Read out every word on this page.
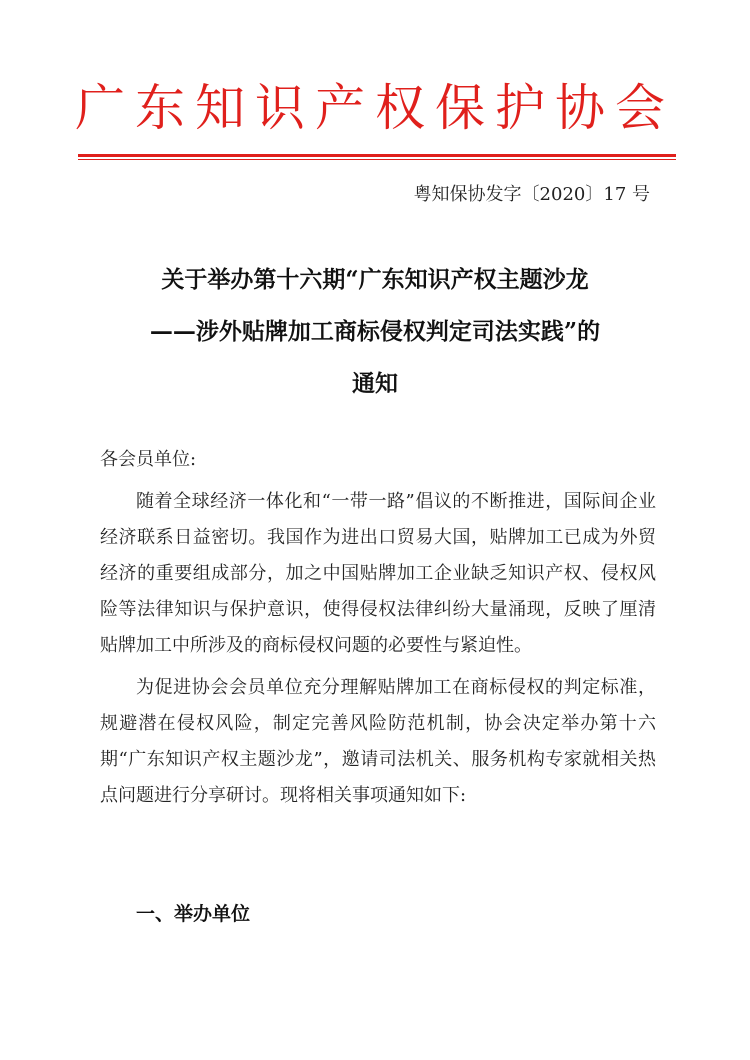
广东知识产权保护协会
粤知保协发字〔2020〕17 号
关于举办第十六期“广东知识产权主题沙龙
——涉外贴牌加工商标侵权判定司法实践”的
通知

各会员单位:

随着全球经济一体化和“一带一路”倡议的不断推进，国际间企业经济联系日益密切。我国作为进出口贸易大国，贴牌加工已成为外贸经济的重要组成部分，加之中国贴牌加工企业缺乏知识产权、侵权风险等法律知识与保护意识，使得侵权法律纠纷大量涌现，反映了厘清贴牌加工中所涉及的商标侵权问题的必要性与紧迫性。

为促进协会会员单位充分理解贴牌加工在商标侵权的判定标准，规避潜在侵权风险，制定完善风险防范机制，协会决定举办第十六期“广东知识产权主题沙龙”，邀请司法机关、服务机构专家就相关热点问题进行分享研讨。现将相关事项通知如下:

一、举办单位
